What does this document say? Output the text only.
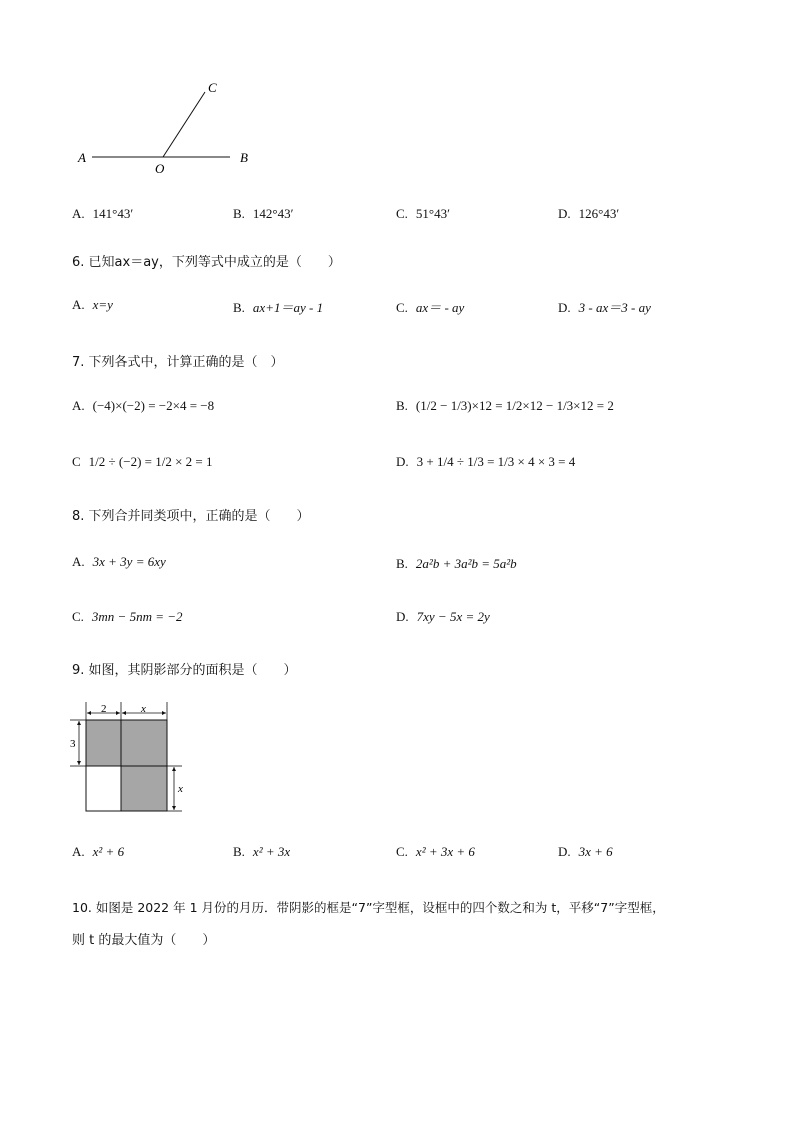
A
O
B
C
A. 141°43′	B. 142°43′	C. 51°43′	D. 126°43′
6. 已知ax＝ay，下列等式中成立的是（　　）
A. x=y	B. ax+1＝ay - 1	C. ax＝ - ay	D. 3 - ax＝3 - ay
7. 下列各式中，计算正确的是（　）
A. (−4)×(−2) = −2×4 = −8	B. (1/2 − 1/3)×12 = 1/2×12 − 1/3×12 = 2
C 1/2 ÷ (−2) = 1/2 × 2 = 1	D. 3 + 1/4 ÷ 1/3 = 1/3 × 4 × 3 = 4
8. 下列合并同类项中，正确的是（　　）
A. 3x + 3y = 6xy	B. 2a²b + 3a²b = 5a²b
C. 3mn − 5nm = −2	D. 7xy − 5x = 2y
9. 如图，其阴影部分的面积是（　　）
2	x
3
x
A. x² + 6	B. x² + 3x	C. x² + 3x + 6	D. 3x + 6
10. 如图是 2022 年 1 月份的月历．带阴影的框是“7”字型框，设框中的四个数之和为 t，平移“7”字型框，
则 t 的最大值为（　　）
